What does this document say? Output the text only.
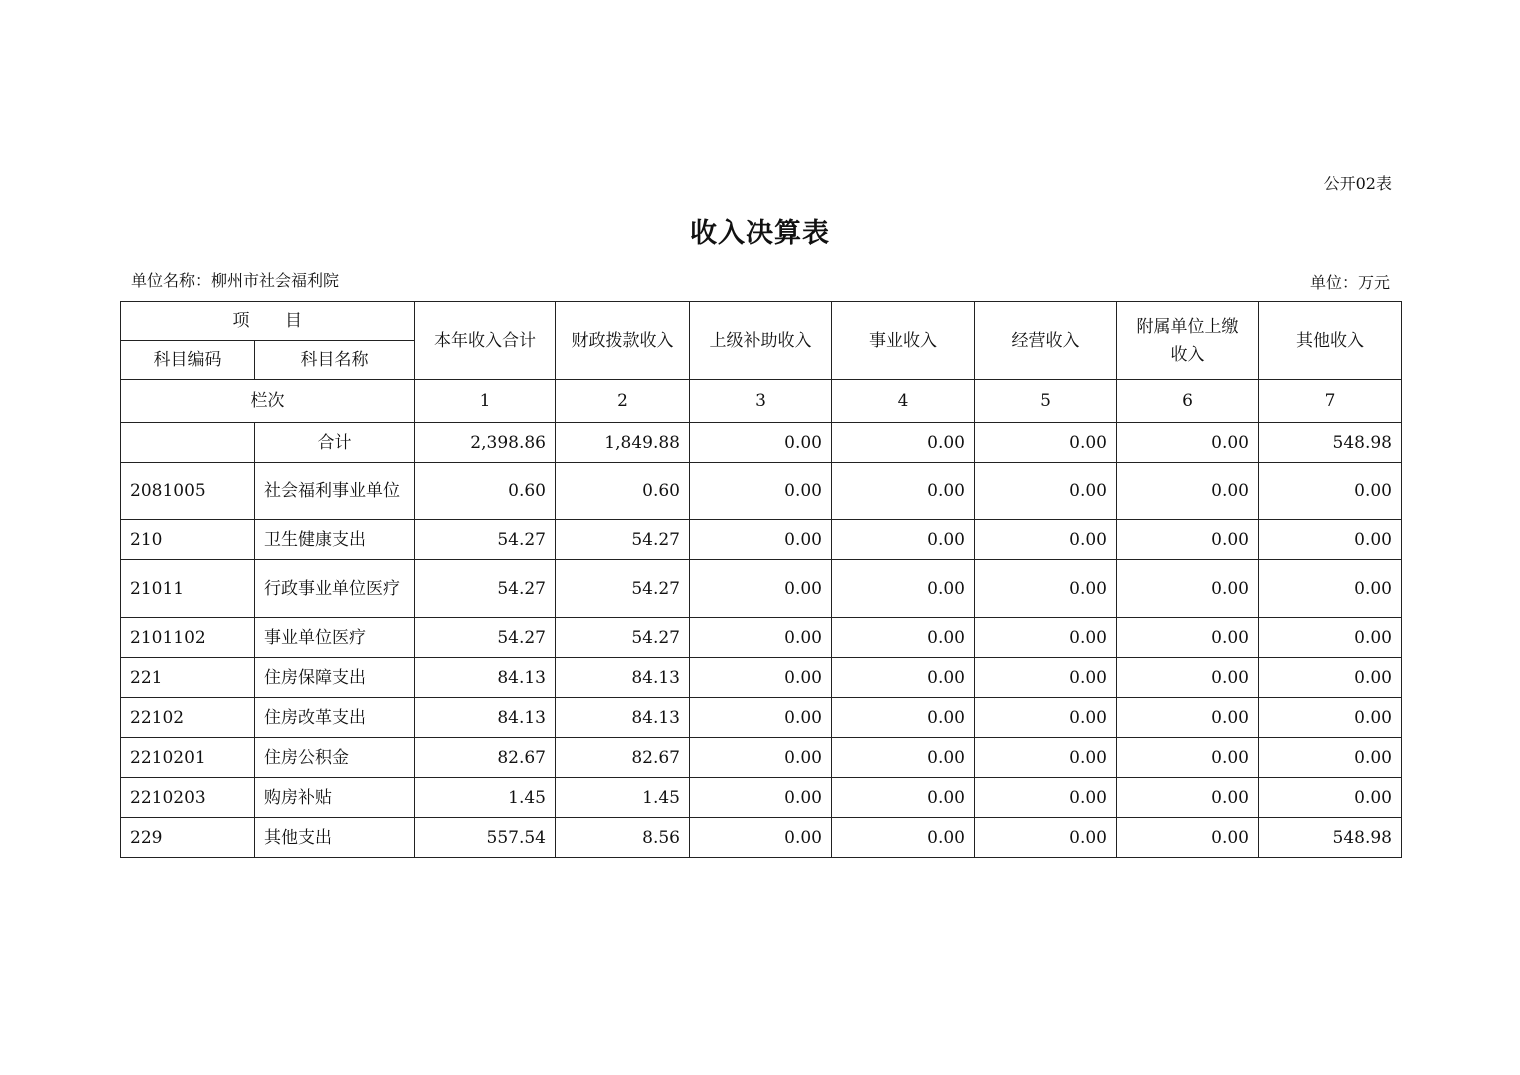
公开02表
收入决算表
单位名称：柳州市社会福利院	单位：万元
项　　目		本年收入合计	财政拨款收入	上级补助收入	事业收入	经营收入	附属单位上缴收入	其他收入
科目编码	科目名称							
栏次		1	2	3	4	5	6	7
	合计	2,398.86	1,849.88	0.00	0.00	0.00	0.00	548.98
2081005	社会福利事业单位	0.60	0.60	0.00	0.00	0.00	0.00	0.00
210	卫生健康支出	54.27	54.27	0.00	0.00	0.00	0.00	0.00
21011	行政事业单位医疗	54.27	54.27	0.00	0.00	0.00	0.00	0.00
2101102	事业单位医疗	54.27	54.27	0.00	0.00	0.00	0.00	0.00
221	住房保障支出	84.13	84.13	0.00	0.00	0.00	0.00	0.00
22102	住房改革支出	84.13	84.13	0.00	0.00	0.00	0.00	0.00
2210201	住房公积金	82.67	82.67	0.00	0.00	0.00	0.00	0.00
2210203	购房补贴	1.45	1.45	0.00	0.00	0.00	0.00	0.00
229	其他支出	557.54	8.56	0.00	0.00	0.00	0.00	548.98
